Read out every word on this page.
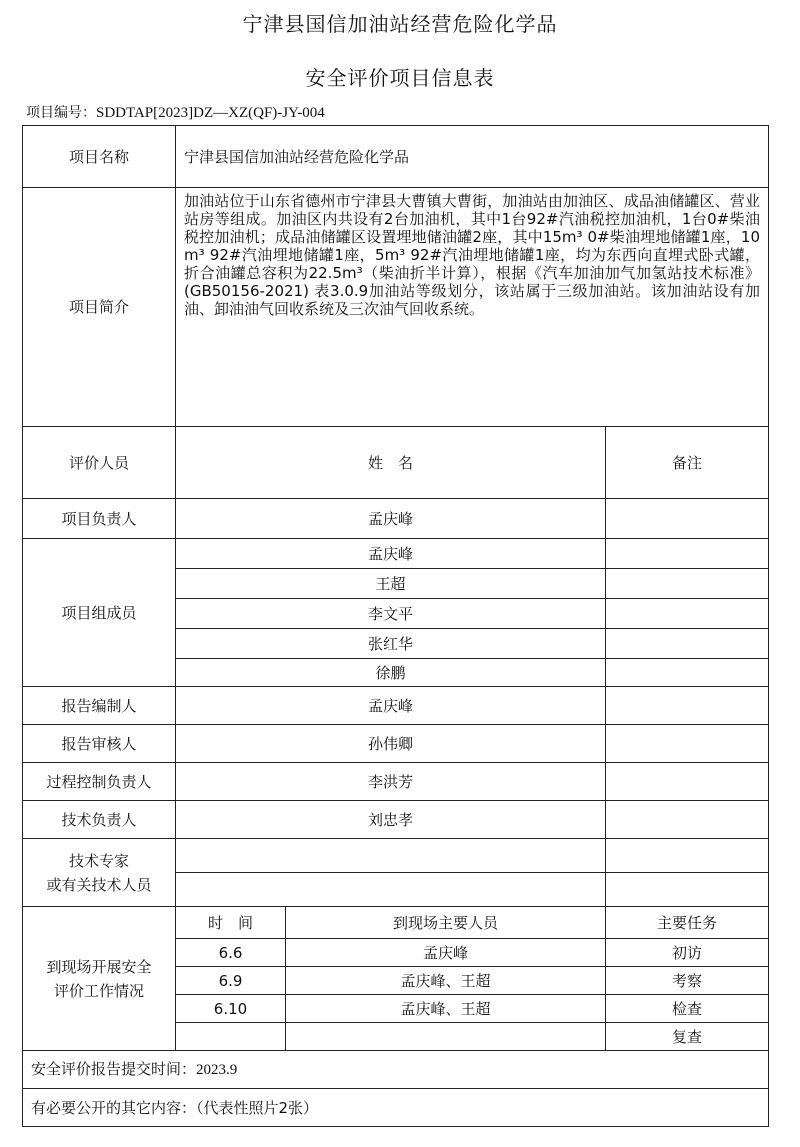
宁津县国信加油站经营危险化学品
安全评价项目信息表
项目编号：SDDTAP[2023]DZ—XZ(QF)-JY-004
项目名称	宁津县国信加油站经营危险化学品		
项目简介	加油站位于山东省德州市宁津县大曹镇大曹街，加油站由加油区、成品油储罐区、营业站房等组成。加油区内共设有2台加油机，其中1台92#汽油税控加油机，1台0#柴油税控加油机；成品油储罐区设置埋地储油罐2座，其中15m³ 0#柴油埋地储罐1座，10 m³ 92#汽油埋地储罐1座，5m³ 92#汽油埋地储罐1座，均为东西向直埋式卧式罐，折合油罐总容积为22.5m³（柴油折半计算），根据《汽车加油加气加氢站技术标准》(GB50156-2021) 表3.0.9加油站等级划分，该站属于三级加油站。该加油站设有加油、卸油油气回收系统及三次油气回收系统。		
评价人员	姓　名		备注
项目负责人	孟庆峰		
项目组成员	孟庆峰		
	王超		
	李文平		
	张红华		
	徐鹏		
报告编制人	孟庆峰		
报告审核人	孙伟卿		
过程控制负责人	李洪芳		
技术负责人	刘忠孝		

技术专家
或有关技术人员			

到现场开展安全
评价工作情况	时　间	到现场主要人员	主要任务
	6.6	孟庆峰	初访
	6.9	孟庆峰、王超	考察
	6.10	孟庆峰、王超	检查
			复查
安全评价报告提交时间：2023.9			
有必要公开的其它内容：（代表性照片2张）			
